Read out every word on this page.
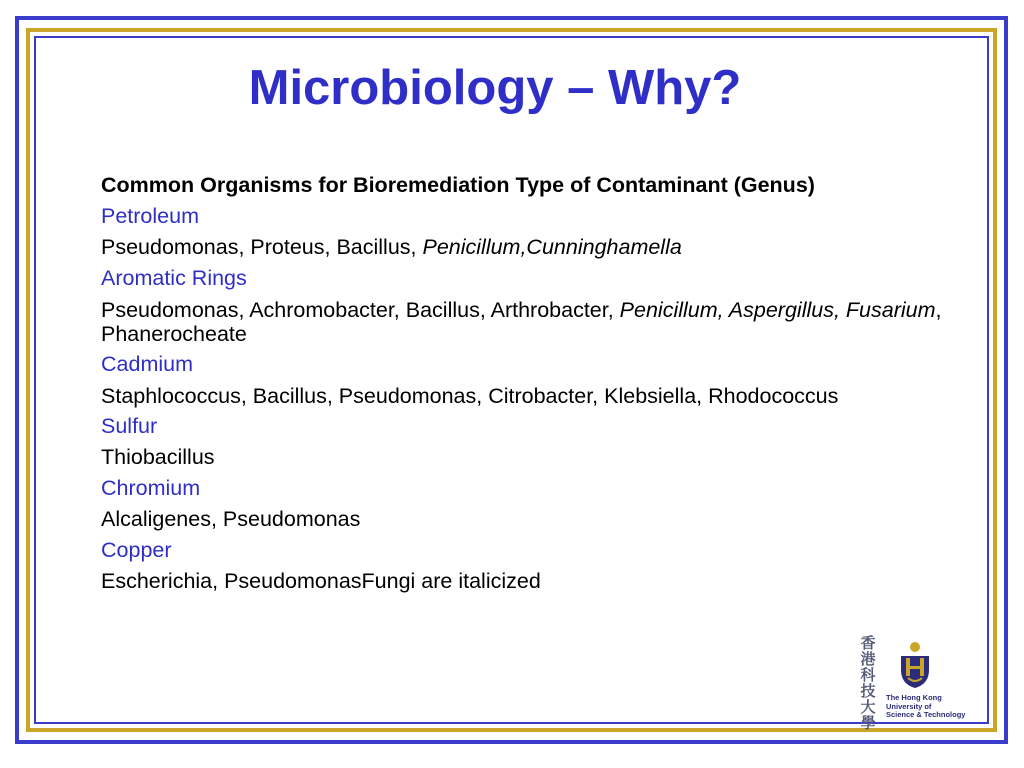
Microbiology – Why?

Common Organisms for Bioremediation Type of Contaminant (Genus)

Petroleum

Pseudomonas, Proteus, Bacillus, Penicillum,Cunninghamella

Aromatic Rings

Pseudomonas, Achromobacter, Bacillus, Arthrobacter, Penicillum, Aspergillus, Fusarium, Phanerocheate

Cadmium

Staphlococcus, Bacillus, Pseudomonas, Citrobacter, Klebsiella, Rhodococcus

Sulfur

Thiobacillus

Chromium

Alcaligenes, Pseudomonas

Copper

Escherichia, PseudomonasFungi are italicized

香
港
科
技
大
學
The Hong Kong
University of
Science & Technology
